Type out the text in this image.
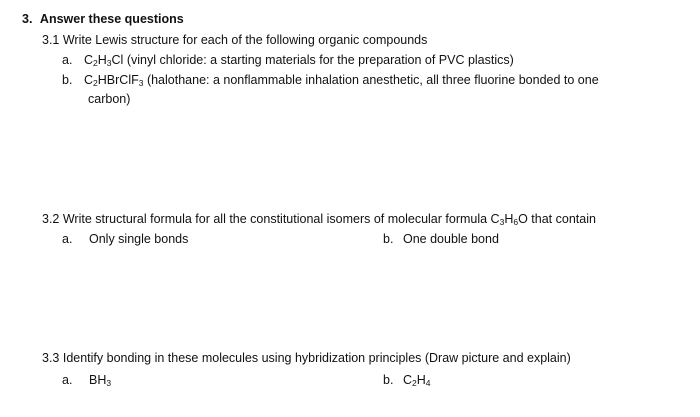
3. Answer these questions
3.1 Write Lewis structure for each of the following organic compounds
a. $C_2H_3Cl$ (vinyl chloride: a starting materials for the preparation of PVC plastics)
b. $C_2HBrClF_3$ (halothane: a nonflammable inhalation anesthetic, all three fluorine bonded to one
carbon)
3.2 Write structural formula for all the constitutional isomers of molecular formula $C_3H_6O$ that contain
a. Only single bonds	b. One double bond
3.3 Identify bonding in these molecules using hybridization principles (Draw picture and explain)
a. $BH_3$	b. $C_2H_4$
